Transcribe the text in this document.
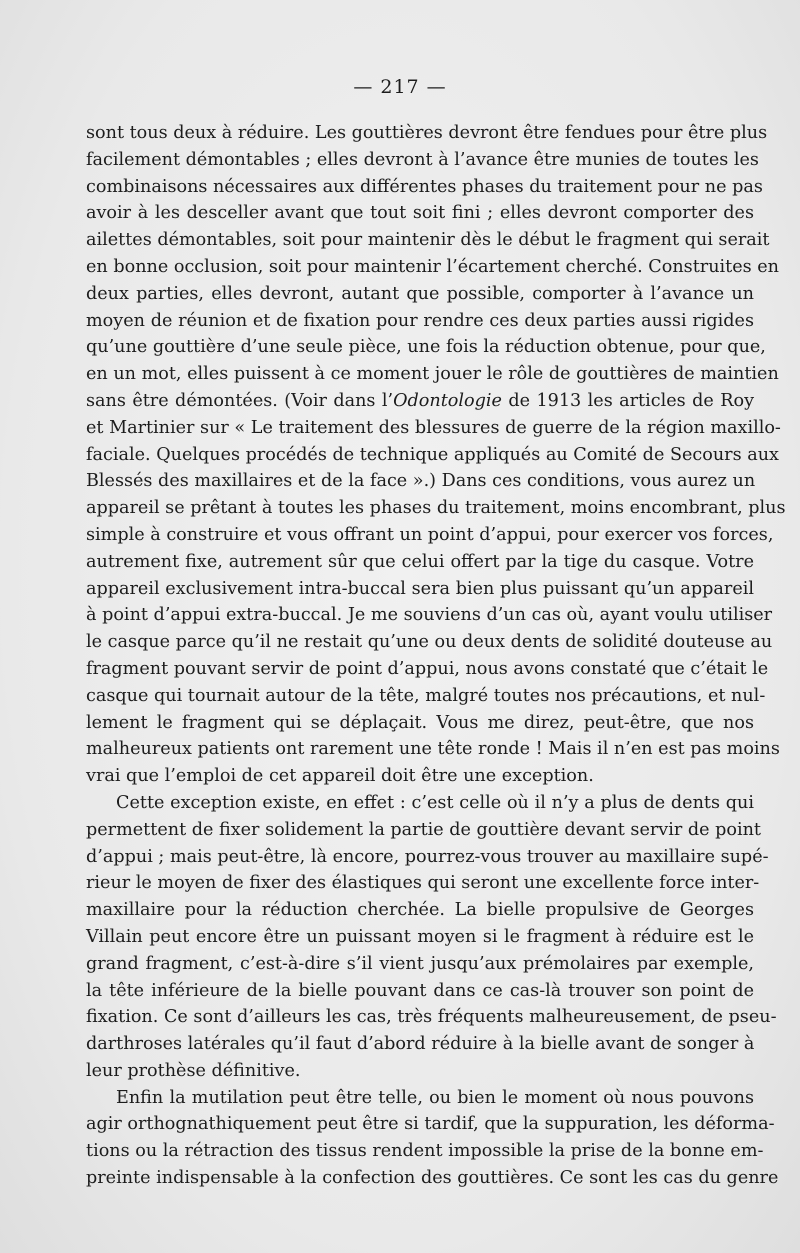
— 217 —
sont tous deux à réduire. Les gouttières devront être fendues pour être plus
facilement démontables ; elles devront à l’avance être munies de toutes les
combinaisons nécessaires aux différentes phases du traitement pour ne pas
avoir à les desceller avant que tout soit fini ; elles devront comporter des
ailettes démontables, soit pour maintenir dès le début le fragment qui serait
en bonne occlusion, soit pour maintenir l’écartement cherché. Construites en
deux parties, elles devront, autant que possible, comporter à l’avance un
moyen de réunion et de fixation pour rendre ces deux parties aussi rigides
qu’une gouttière d’une seule pièce, une fois la réduction obtenue, pour que,
en un mot, elles puissent à ce moment jouer le rôle de gouttières de maintien
sans être démontées. (Voir dans l’Odontologie de 1913 les articles de Roy
et Martinier sur « Le traitement des blessures de guerre de la région maxillo-
faciale. Quelques procédés de technique appliqués au Comité de Secours aux
Blessés des maxillaires et de la face ».) Dans ces conditions, vous aurez un
appareil se prêtant à toutes les phases du traitement, moins encombrant, plus
simple à construire et vous offrant un point d’appui, pour exercer vos forces,
autrement fixe, autrement sûr que celui offert par la tige du casque. Votre
appareil exclusivement intra-buccal sera bien plus puissant qu’un appareil
à point d’appui extra-buccal. Je me souviens d’un cas où, ayant voulu utiliser
le casque parce qu’il ne restait qu’une ou deux dents de solidité douteuse au
fragment pouvant servir de point d’appui, nous avons constaté que c’était le
casque qui tournait autour de la tête, malgré toutes nos précautions, et nul-
lement le fragment qui se déplaçait. Vous me direz, peut-être, que nos
malheureux patients ont rarement une tête ronde ! Mais il n’en est pas moins
vrai que l’emploi de cet appareil doit être une exception.
Cette exception existe, en effet : c’est celle où il n’y a plus de dents qui
permettent de fixer solidement la partie de gouttière devant servir de point
d’appui ; mais peut-être, là encore, pourrez-vous trouver au maxillaire supé-
rieur le moyen de fixer des élastiques qui seront une excellente force inter-
maxillaire pour la réduction cherchée. La bielle propulsive de Georges
Villain peut encore être un puissant moyen si le fragment à réduire est le
grand fragment, c’est-à-dire s’il vient jusqu’aux prémolaires par exemple,
la tête inférieure de la bielle pouvant dans ce cas-là trouver son point de
fixation. Ce sont d’ailleurs les cas, très fréquents malheureusement, de pseu-
darthroses latérales qu’il faut d’abord réduire à la bielle avant de songer à
leur prothèse définitive.
Enfin la mutilation peut être telle, ou bien le moment où nous pouvons
agir orthognathiquement peut être si tardif, que la suppuration, les déforma-
tions ou la rétraction des tissus rendent impossible la prise de la bonne em-
preinte indispensable à la confection des gouttières. Ce sont les cas du genre
